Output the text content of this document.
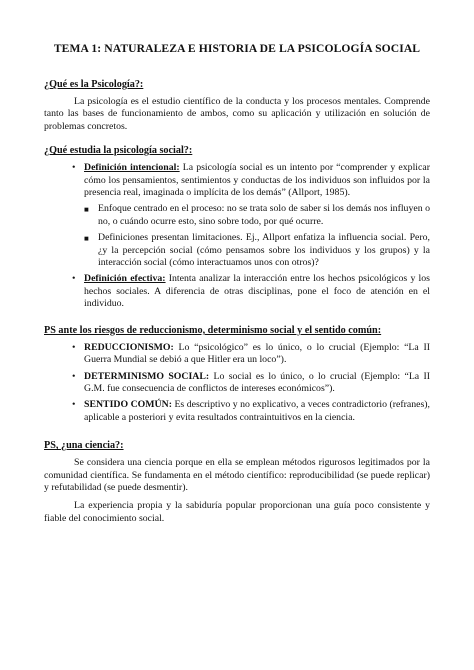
TEMA 1: NATURALEZA E HISTORIA DE LA PSICOLOGÍA SOCIAL
¿Qué es la Psicología?:

La psicología es el estudio científico de la conducta y los procesos mentales. Comprende tanto las bases de funcionamiento de ambos, como su aplicación y utilización en solución de problemas concretos.

¿Qué estudia la psicología social?:
• Definición intencional: La psicología social es un intento por “comprender y explicar cómo los pensamientos, sentimientos y conductas de los individuos son influidos por la presencia real, imaginada o implícita de los demás” (Allport, 1985).
■ Enfoque centrado en el proceso: no se trata solo de saber si los demás nos influyen o no, o cuándo ocurre esto, sino sobre todo, por qué ocurre.
■ Definiciones presentan limitaciones. Ej., Allport enfatiza la influencia social. Pero, ¿y la percepción social (cómo pensamos sobre los individuos y los grupos) y la interacción social (cómo interactuamos unos con otros)?
• Definición efectiva: Intenta analizar la interacción entre los hechos psicológicos y los hechos sociales. A diferencia de otras disciplinas, pone el foco de atención en el individuo.
PS ante los riesgos de reduccionismo, determinismo social y el sentido común:
• REDUCCIONISMO: Lo “psicológico” es lo único, o lo crucial (Ejemplo: “La II Guerra Mundial se debió a que Hitler era un loco”).
• DETERMINISMO SOCIAL: Lo social es lo único, o lo crucial (Ejemplo: “La II G.M. fue consecuencia de conflictos de intereses económicos”).
• SENTIDO COMÚN: Es descriptivo y no explicativo, a veces contradictorio (refranes), aplicable a posteriori y evita resultados contraintuitivos en la ciencia.
PS, ¿una ciencia?:

Se considera una ciencia porque en ella se emplean métodos rigurosos legitimados por la comunidad científica. Se fundamenta en el método científico: reproducibilidad (se puede replicar) y refutabilidad (se puede desmentir).

La experiencia propia y la sabiduría popular proporcionan una guía poco consistente y fiable del conocimiento social.
